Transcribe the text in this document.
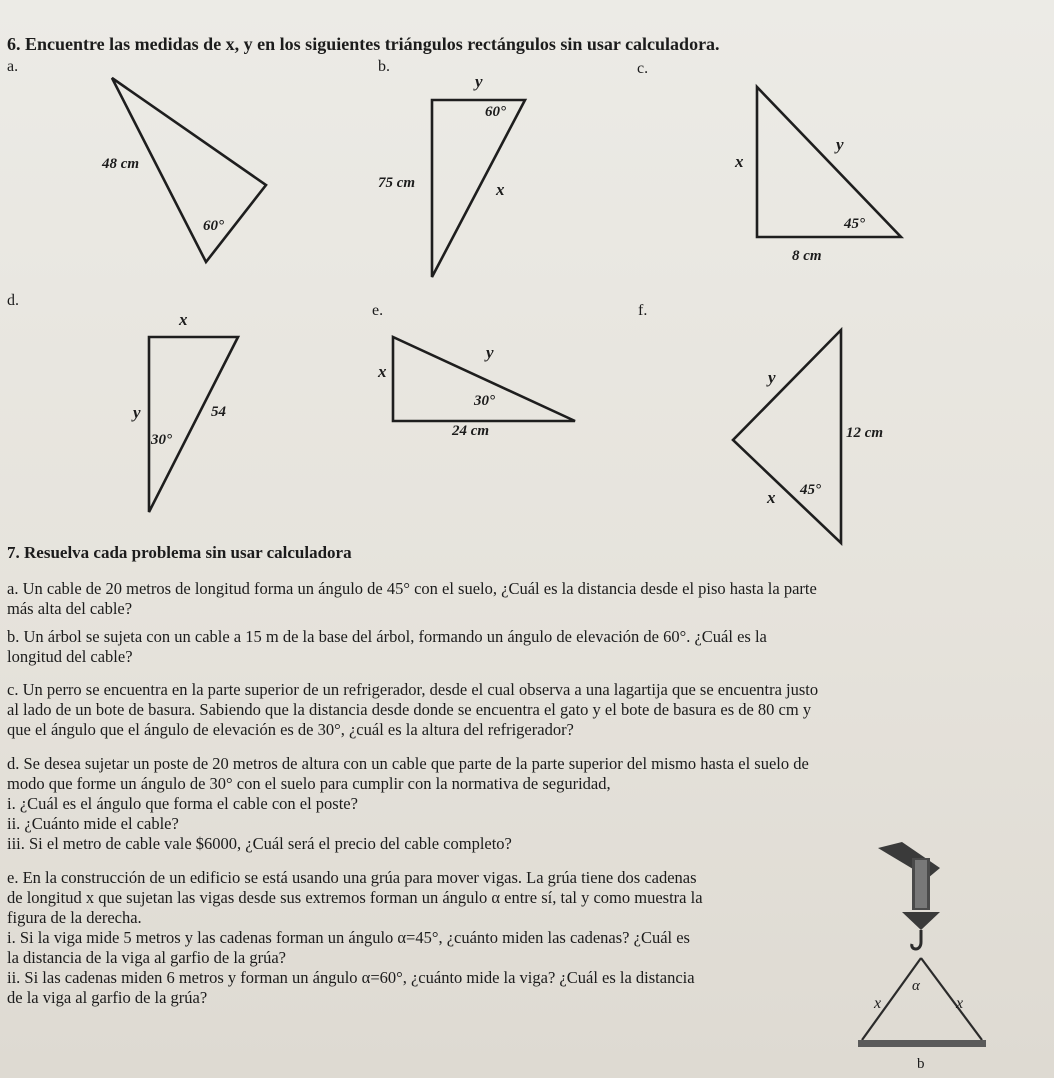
6. Encuentre las medidas de x, y en los siguientes triángulos rectángulos sin usar calculadora.
a.	b.	c.
d.
e.	f.
48 cm
60°
y
60°
75 cm	x
x
y
45°
8 cm
x
y	54
30°
y
x
30°
24 cm
y
12 cm
x 45°
7. Resuelva cada problema sin usar calculadora
a. Un cable de 20 metros de longitud forma un ángulo de 45° con el suelo, ¿Cuál es la distancia desde el piso hasta la parte
más alta del cable?
b. Un árbol se sujeta con un cable a 15 m de la base del árbol, formando un ángulo de elevación de 60°. ¿Cuál es la
longitud del cable?
c. Un perro se encuentra en la parte superior de un refrigerador, desde el cual observa a una lagartija que se encuentra justo
al lado de un bote de basura. Sabiendo que la distancia desde donde se encuentra el gato y el bote de basura es de 80 cm y
que el ángulo que el ángulo de elevación es de 30°, ¿cuál es la altura del refrigerador?
d. Se desea sujetar un poste de 20 metros de altura con un cable que parte de la parte superior del mismo hasta el suelo de
modo que forme un ángulo de 30° con el suelo para cumplir con la normativa de seguridad,
i. ¿Cuál es el ángulo que forma el cable con el poste?
ii. ¿Cuánto mide el cable?
iii. Si el metro de cable vale $6000, ¿Cuál será el precio del cable completo?
e. En la construcción de un edificio se está usando una grúa para mover vigas. La grúa tiene dos cadenas
de longitud x que sujetan las vigas desde sus extremos forman un ángulo α entre sí, tal y como muestra la
figura de la derecha.
i. Si la viga mide 5 metros y las cadenas forman un ángulo α=45°, ¿cuánto miden las cadenas? ¿Cuál es
la distancia de la viga al garfio de la grúa?
ii. Si las cadenas miden 6 metros y forman un ángulo α=60°, ¿cuánto mide la viga? ¿Cuál es la distancia
de la viga al garfio de la grúa?
α
x	x
b
